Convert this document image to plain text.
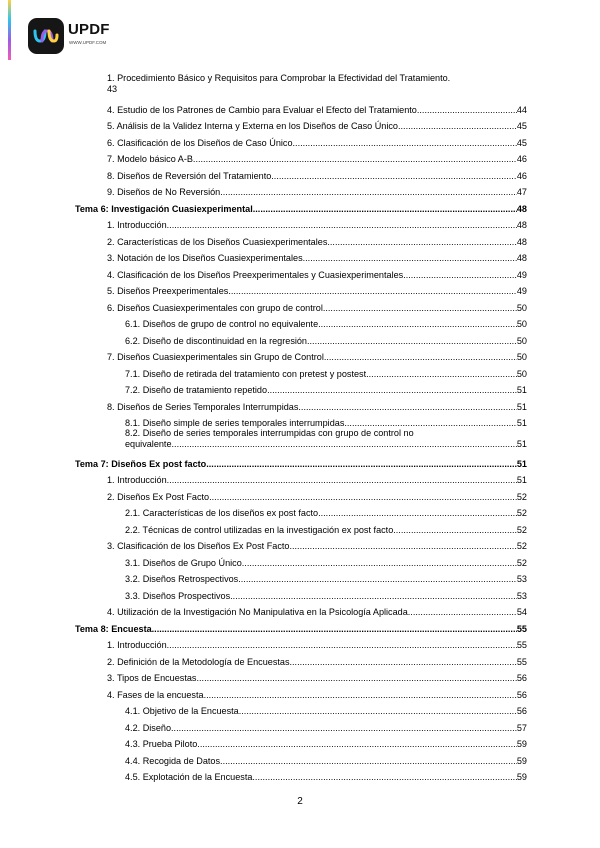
UPDF
WWW.UPDF.COM
1. Procedimiento Básico y Requisitos para Comprobar la Efectividad del Tratamiento.
43
4. Estudio de los Patrones de Cambio para Evaluar el Efecto del Tratamiento .....	44
5. Análisis de la Validez Interna y Externa en los Diseños de Caso Único .....	45
6. Clasificación de los Diseños de Caso Único .....	45
7. Modelo básico A-B. .....	46
8. Diseños de Reversión del Tratamiento .....	46
9. Diseños de No Reversión .....	47
Tema 6: Investigación Cuasiexperimental .....	48
1. Introducción .....	48
2. Características de los Diseños Cuasiexperimentales .....	48
3. Notación de los Diseños Cuasiexperimentales. .....	48
4. Clasificación de los Diseños Preexperimentales y Cuasiexperimentales .....	49
5. Diseños Preexperimentales .....	49
6. Diseños Cuasiexperimentales con grupo de control .....	50
6.1. Diseños de grupo de control no equivalente .....	50
6.2. Diseño de discontinuidad en la regresión .....	50
7. Diseños Cuasiexperimentales sin Grupo de Control .....	50
7.1. Diseño de retirada del tratamiento con pretest y postest .....	50
7.2. Diseño de tratamiento repetido .....	51
8. Diseños de Series Temporales Interrumpidas .....	51
8.1. Diseño simple de series temporales interrumpidas .....	51
8.2. Diseño de series temporales interrumpidas con grupo de control no
equivalente .....	51
Tema 7: Diseños Ex post facto .....	51
1. Introducción .....	51
2. Diseños Ex Post Facto .....	52
2.1. Características de los diseños ex post facto. .....	52
2.2. Técnicas de control utilizadas en la investigación ex post facto. .....	52
3. Clasificación de los Diseños Ex Post Facto .....	52
3.1. Diseños de Grupo Único .....	52
3.2. Diseños Retrospectivos .....	53
3.3. Diseños Prospectivos .....	53
4. Utilización de la Investigación No Manipulativa en la Psicología Aplicada .....	54
Tema 8: Encuesta .....	55
1. Introducción .....	55
2. Definición de la Metodología de Encuestas .....	55
3. Tipos de Encuestas .....	56
4. Fases de la encuesta .....	56
4.1. Objetivo de la Encuesta .....	56
4.2. Diseño .....	57
4.3. Prueba Piloto .....	59
4.4. Recogida de Datos .....	59
4.5. Explotación de la Encuesta .....	59
2
